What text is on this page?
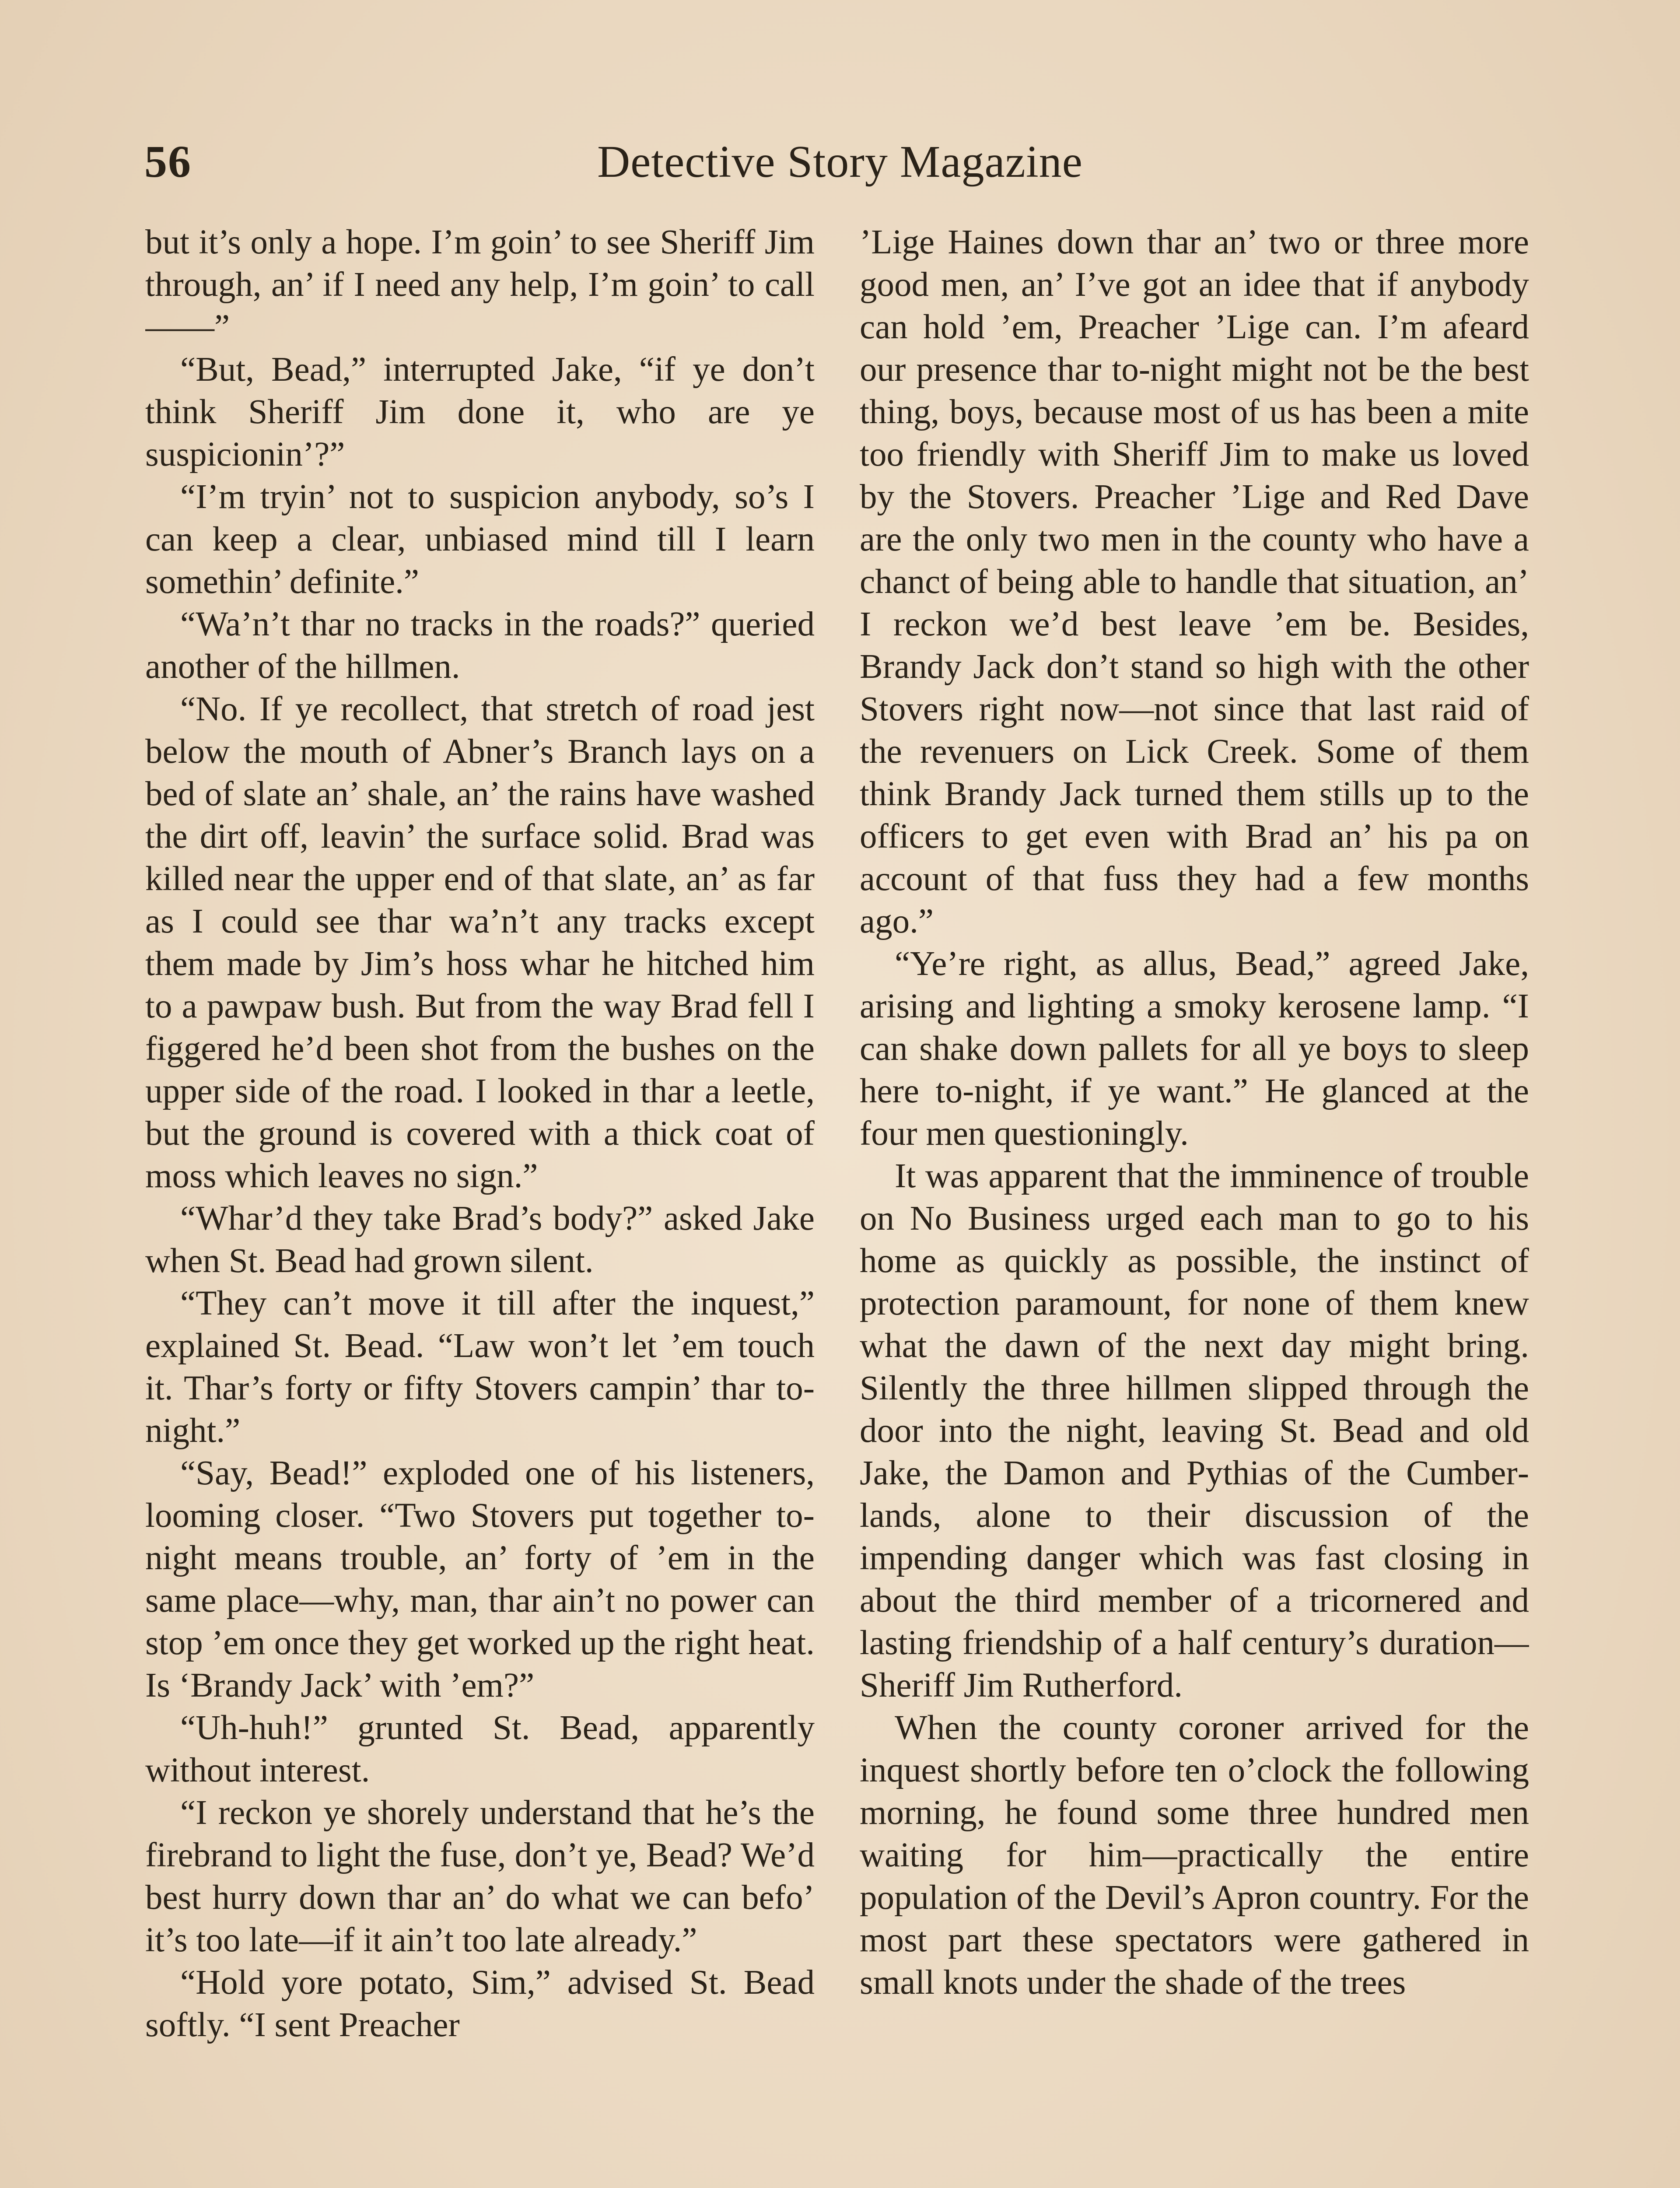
56	Detective Story Magazine

but it’s only a hope. I’m goin’ to see Sheriff Jim through, an’ if I need any help, I’m goin’ to call——”

“But, Bead,” interrupted Jake, “if ye don’t think Sheriff Jim done it, who are ye suspicionin’?”

“I’m tryin’ not to suspicion anybody, so’s I can keep a clear, unbiased mind till I learn somethin’ definite.”

“Wa’n’t thar no tracks in the roads?” queried another of the hillmen.

“No. If ye recollect, that stretch of road jest below the mouth of Abner’s Branch lays on a bed of slate an’ shale, an’ the rains have washed the dirt off, leavin’ the surface solid. Brad was killed near the upper end of that slate, an’ as far as I could see thar wa’n’t any tracks except them made by Jim’s hoss whar he hitched him to a pawpaw bush. But from the way Brad fell I figgered he’d been shot from the bushes on the upper side of the road. I looked in thar a leetle, but the ground is covered with a thick coat of moss which leaves no sign.”

“Whar’d they take Brad’s body?” asked Jake when St. Bead had grown silent.

“They can’t move it till after the inquest,” explained St. Bead. “Law won’t let ’em touch it. Thar’s forty or fifty Stovers campin’ thar to-night.”

“Say, Bead!” exploded one of his listeners, looming closer. “Two Stovers put together to-night means trouble, an’ forty of ’em in the same place—why, man, thar ain’t no power can stop ’em once they get worked up the right heat. Is ‘Brandy Jack’ with ’em?”

“Uh-huh!” grunted St. Bead, apparently without interest.

“I reckon ye shorely understand that he’s the firebrand to light the fuse, don’t ye, Bead? We’d best hurry down thar an’ do what we can befo’ it’s too late—if it ain’t too late already.”

“Hold yore potato, Sim,” advised St. Bead softly. “I sent Preacher

’Lige Haines down thar an’ two or three more good men, an’ I’ve got an idee that if anybody can hold ’em, Preacher ’Lige can. I’m afeard our presence thar to-night might not be the best thing, boys, because most of us has been a mite too friendly with Sheriff Jim to make us loved by the Stovers. Preacher ’Lige and Red Dave are the only two men in the county who have a chanct of being able to handle that situation, an’ I reckon we’d best leave ’em be. Besides, Brandy Jack don’t stand so high with the other Stovers right now—not since that last raid of the revenuers on Lick Creek. Some of them think Brandy Jack turned them stills up to the officers to get even with Brad an’ his pa on account of that fuss they had a few months ago.”

“Ye’re right, as allus, Bead,” agreed Jake, arising and lighting a smoky kerosene lamp. “I can shake down pallets for all ye boys to sleep here to-night, if ye want.” He glanced at the four men questioningly.

It was apparent that the imminence of trouble on No Business urged each man to go to his home as quickly as possible, the instinct of protection paramount, for none of them knew what the dawn of the next day might bring. Silently the three hillmen slipped through the door into the night, leaving St. Bead and old Jake, the Damon and Pythias of the Cumberlands, alone to their discussion of the impending danger which was fast closing in about the third member of a tricornered and lasting friendship of a half century’s duration—Sheriff Jim Rutherford.

When the county coroner arrived for the inquest shortly before ten o’clock the following morning, he found some three hundred men waiting for him—practically the entire population of the Devil’s Apron country. For the most part these spectators were gathered in small knots under the shade of the trees
